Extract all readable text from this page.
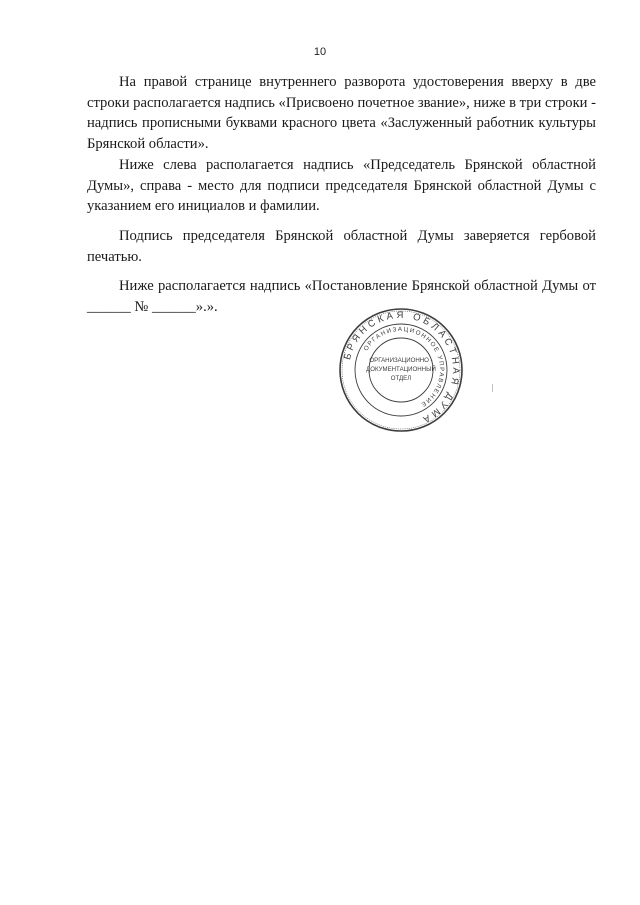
10

На правой странице внутреннего разворота удостоверения вверху в две строки располагается надпись «Присвоено почетное звание», ниже в три строки - надпись прописными буквами красного цвета «Заслуженный работник культуры Брянской области».

Ниже слева располагается надпись «Председатель Брянской областной Думы», справа - место для подписи председателя Брянской областной Думы с указанием его инициалов и фамилии.

Подпись председателя Брянской областной Думы заверяется гербовой печатью.

Ниже располагается надпись «Постановление Брянской областной Думы от ______ № ______».».

БРЯНСКАЯ ОБЛАСТНАЯ ДУМА
ОРГАНИЗАЦИОННОЕ УПРАВЛЕНИЕ
ОРГАНИЗАЦИОННО -
ДОКУМЕНТАЦИОННЫЙ
ОТДЕЛ
